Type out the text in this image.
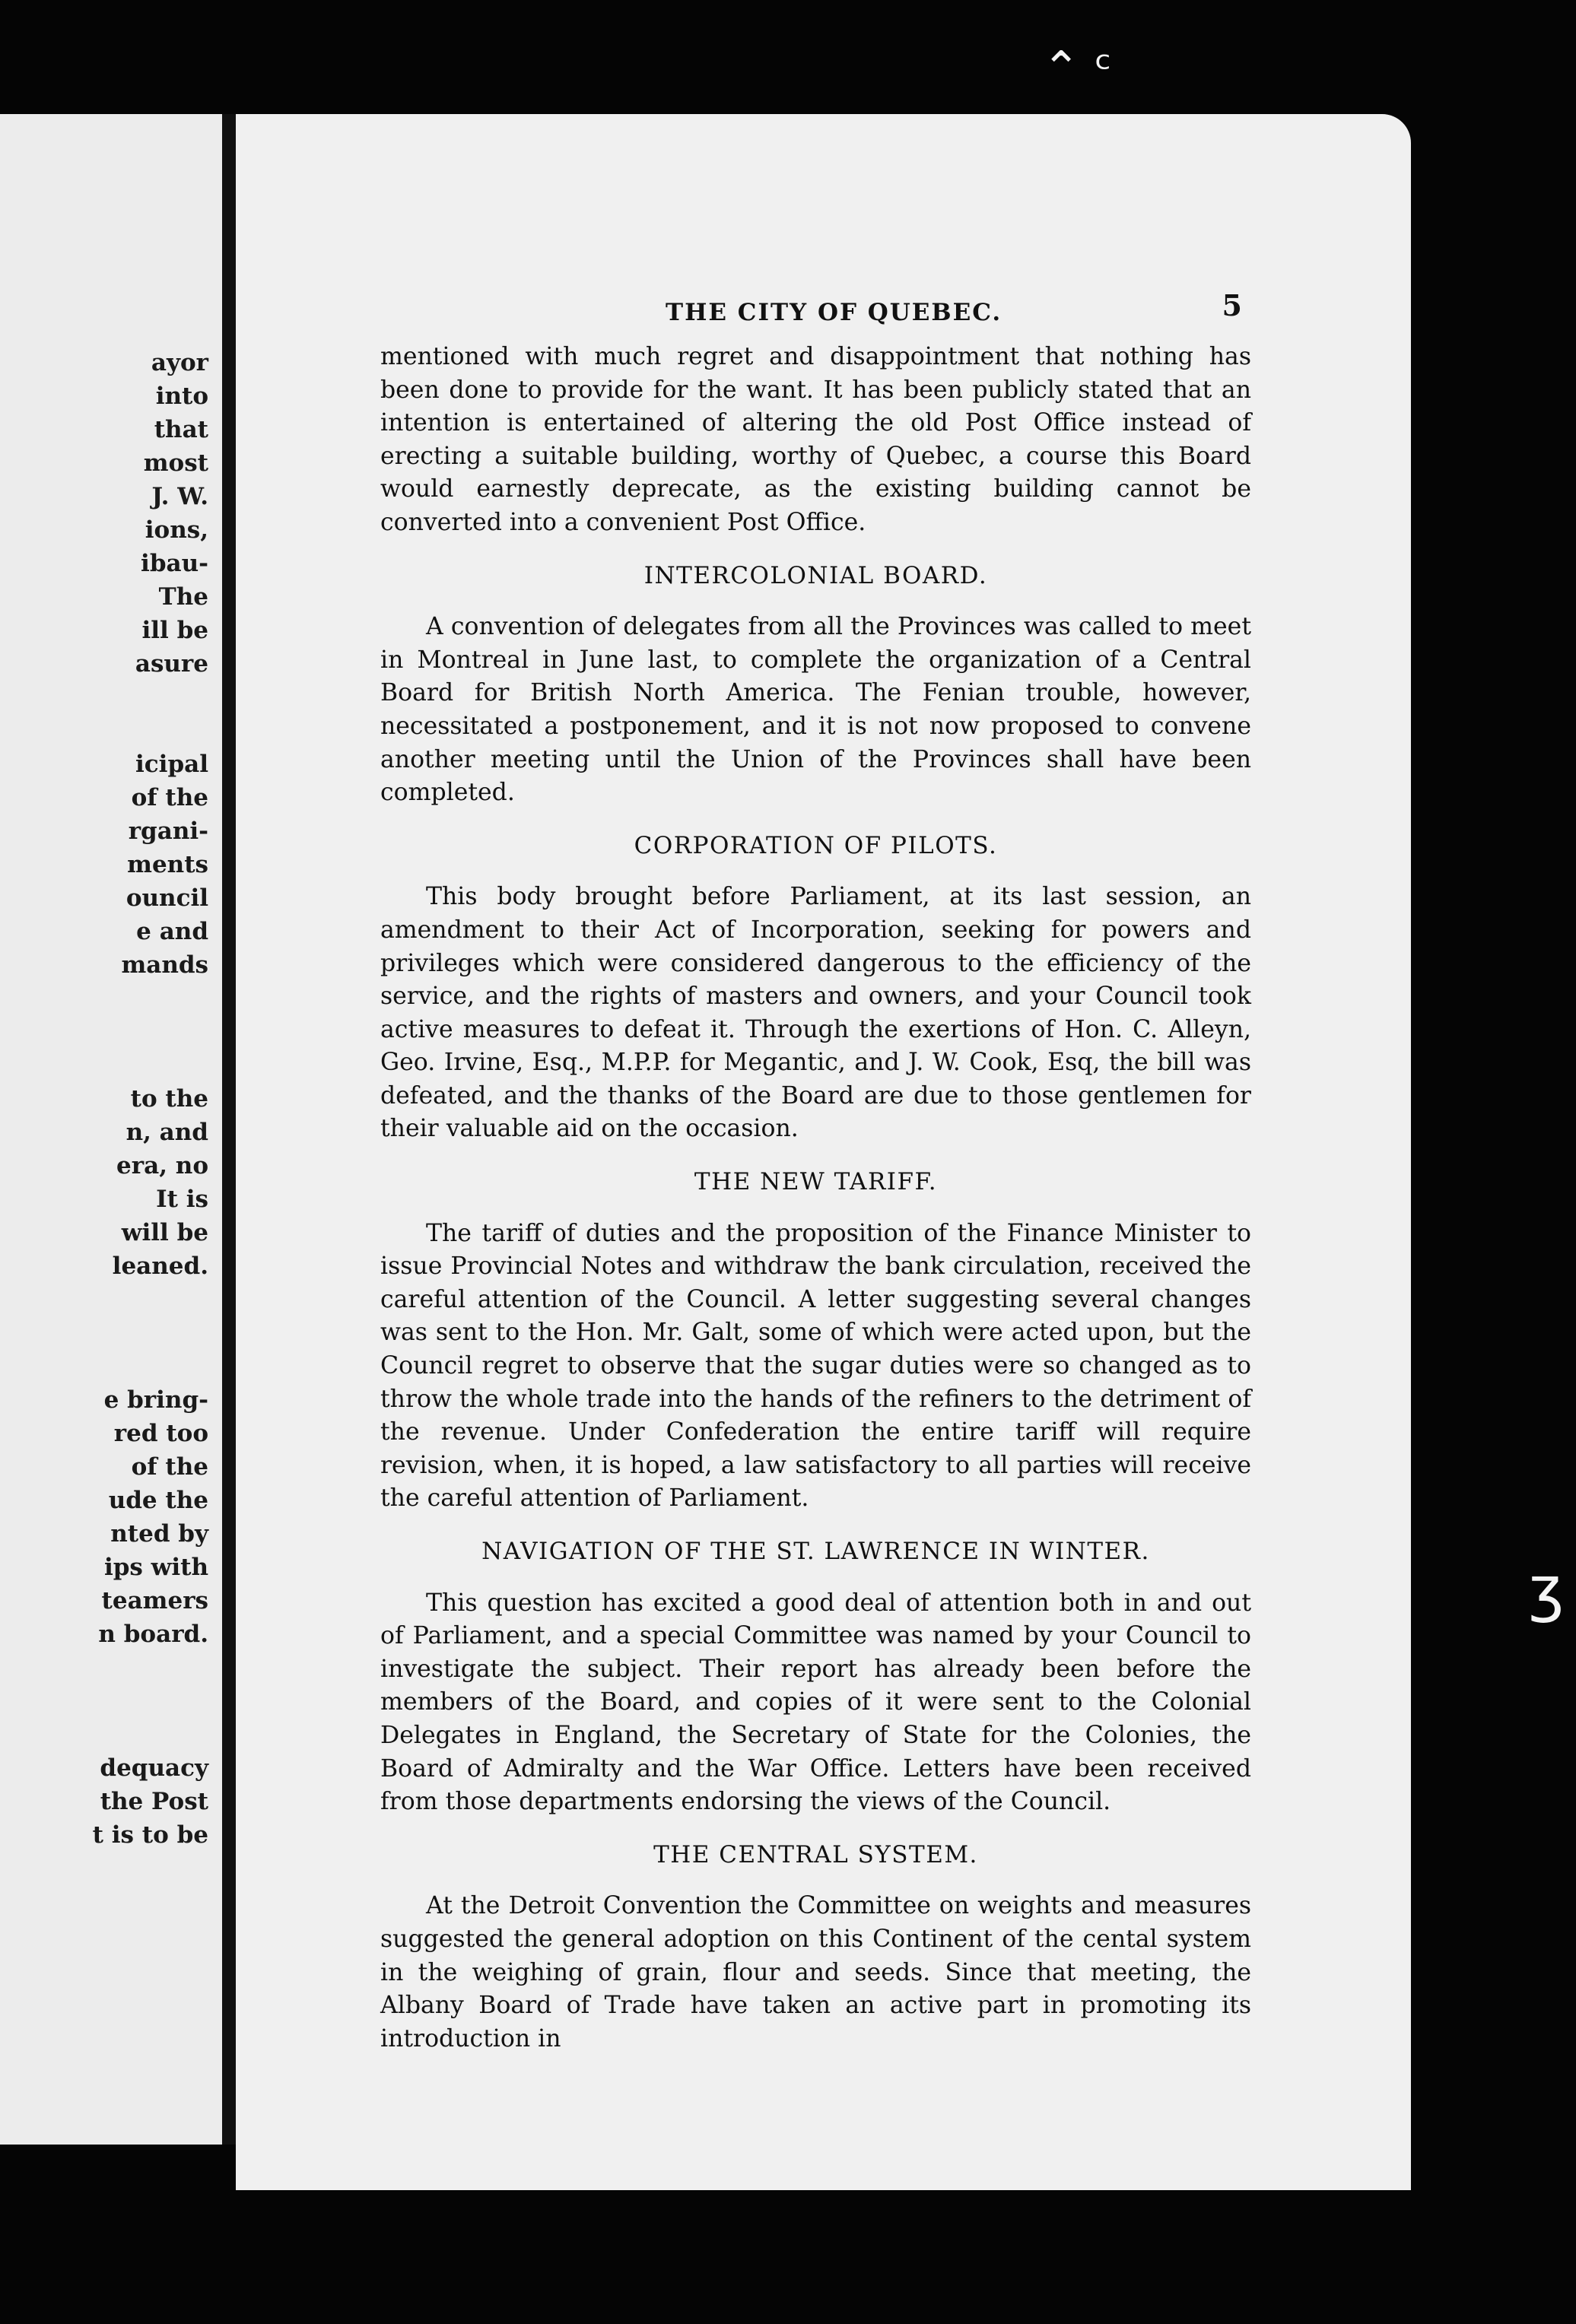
ayor
into
that
most
J. W.
ions,
ibau-
The
ill be
asure

icipal
of the
rgani-
ments
ouncil
e and
mands

to the
n, and
era, no
It is
will be
leaned.

e bring-
red too
of the
ude the
nted by
ips with
teamers
n board.

dequacy
the Post
t is to be
⌃ ᶜ
ʒ
THE CITY OF QUEBEC.	5

mentioned with much regret and disappointment that nothing has been done to provide for the want. It has been publicly stated that an intention is entertained of altering the old Post Office instead of erecting a suitable building, worthy of Quebec, a course this Board would earnestly deprecate, as the existing building cannot be converted into a convenient Post Office.

INTERCOLONIAL BOARD.

A convention of delegates from all the Provinces was called to meet in Montreal in June last, to complete the organization of a Central Board for British North America. The Fenian trouble, however, necessitated a postponement, and it is not now proposed to convene another meeting until the Union of the Provinces shall have been completed.

CORPORATION OF PILOTS.

This body brought before Parliament, at its last session, an amendment to their Act of Incorporation, seeking for powers and privileges which were considered dangerous to the efficiency of the service, and the rights of masters and owners, and your Council took active measures to defeat it. Through the exertions of Hon. C. Alleyn, Geo. Irvine, Esq., M.P.P. for Megantic, and J. W. Cook, Esq, the bill was defeated, and the thanks of the Board are due to those gentlemen for their valuable aid on the occasion.

THE NEW TARIFF.

The tariff of duties and the proposition of the Finance Minister to issue Provincial Notes and withdraw the bank circulation, received the careful attention of the Council. A letter suggesting several changes was sent to the Hon. Mr. Galt, some of which were acted upon, but the Council regret to observe that the sugar duties were so changed as to throw the whole trade into the hands of the refiners to the detriment of the revenue. Under Confederation the entire tariff will require revision, when, it is hoped, a law satisfactory to all parties will receive the careful attention of Parliament.

NAVIGATION OF THE ST. LAWRENCE IN WINTER.

This question has excited a good deal of attention both in and out of Parliament, and a special Committee was named by your Council to investigate the subject. Their report has already been before the members of the Board, and copies of it were sent to the Colonial Delegates in England, the Secretary of State for the Colonies, the Board of Admiralty and the War Office. Letters have been received from those departments endorsing the views of the Council.

THE CENTRAL SYSTEM.

At the Detroit Convention the Committee on weights and measures suggested the general adoption on this Continent of the cental system in the weighing of grain, flour and seeds. Since that meeting, the Albany Board of Trade have taken an active part in promoting its introduction in
